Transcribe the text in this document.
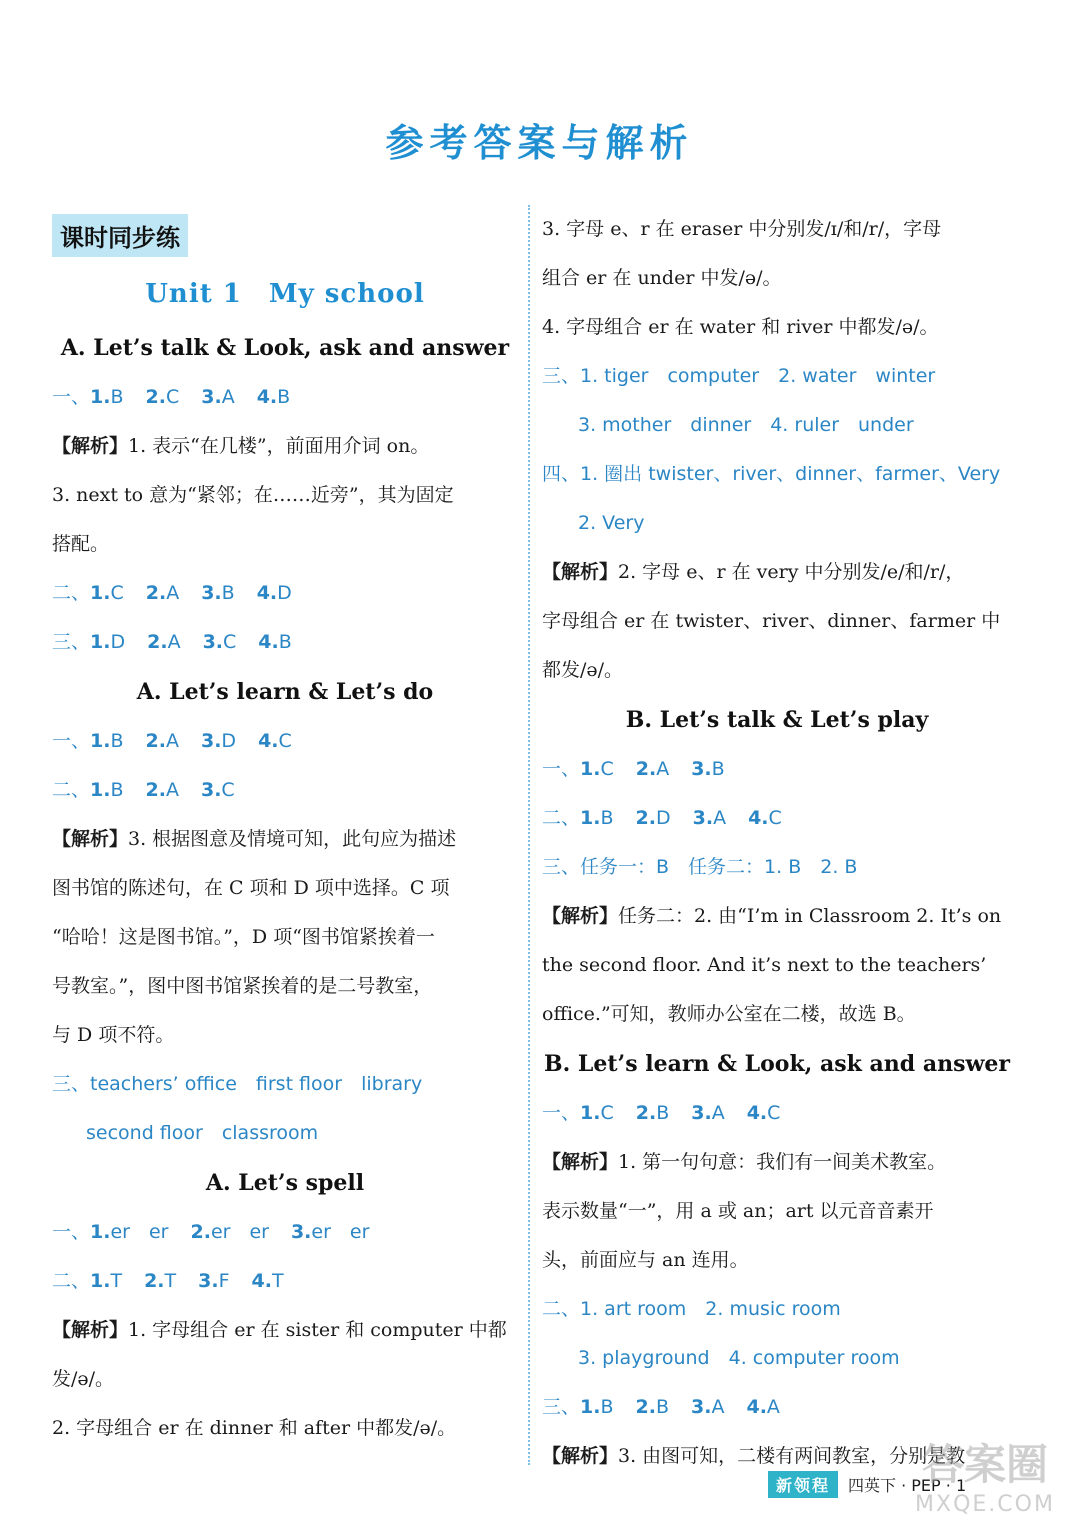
参考答案与解析
课时同步练
Unit 1　My school
A. Let’s talk & Look, ask and answer
一、1.B 2.C 3.A 4.B
【解析】1. 表示“在几楼”，前面用介词 on。
3. next to 意为“紧邻；在……近旁”，其为固定
搭配。
二、1.C 2.A 3.B 4.D
三、1.D 2.A 3.C 4.B
A. Let’s learn & Let’s do
一、1.B 2.A 3.D 4.C
二、1.B 2.A 3.C
【解析】3. 根据图意及情境可知，此句应为描述
图书馆的陈述句，在 C 项和 D 项中选择。C 项
“哈哈！这是图书馆。”，D 项“图书馆紧挨着一
号教室。”，图中图书馆紧挨着的是二号教室，
与 D 项不符。
三、teachers’ office　first floor　library
second floor　classroom
A. Let’s spell
一、1.er　er 2.er　er 3.er　er
二、1.T 2.T 3.F 4.T
【解析】1. 字母组合 er 在 sister 和 computer 中都
发/ə/。
2. 字母组合 er 在 dinner 和 after 中都发/ə/。
3. 字母 e、r 在 eraser 中分别发/ɪ/和/r/，字母
组合 er 在 under 中发/ə/。
4. 字母组合 er 在 water 和 river 中都发/ə/。
三、1. tiger　computer　2. water　winter
3. mother　dinner　4. ruler　under
四、1. 圈出 twister、river、dinner、farmer、Very
2. Very
【解析】2. 字母 e、r 在 very 中分别发/e/和/r/，
字母组合 er 在 twister、river、dinner、farmer 中
都发/ə/。
B. Let’s talk & Let’s play
一、1.C 2.A 3.B
二、1.B 2.D 3.A 4.C
三、任务一：B　任务二：1. B　2. B
【解析】任务二：2. 由“I’m in Classroom 2. It’s on
the second floor. And it’s next to the teachers’
office.”可知，教师办公室在二楼，故选 B。
B. Let’s learn & Look, ask and answer
一、1.C 2.B 3.A 4.C
【解析】1. 第一句句意：我们有一间美术教室。
表示数量“一”，用 a 或 an；art 以元音音素开
头，前面应与 an 连用。
二、1. art room　2. music room
3. playground　4. computer room
三、1.B 2.B 3.A 4.A
【解析】3. 由图可知，二楼有两间教室，分别是教
新领程	四英下 · PEP · 1
答案圈
MXQE.COM
